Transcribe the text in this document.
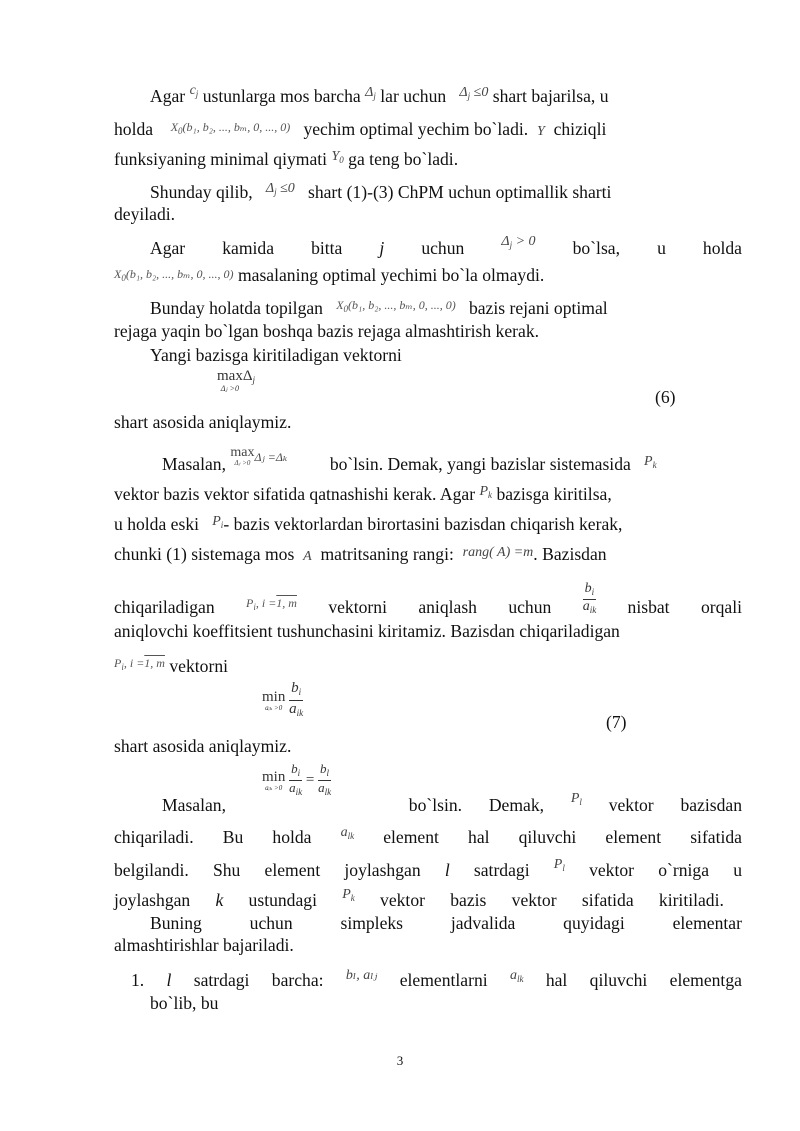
Agar $^{c_j}$ ustunlarga mos barcha $^{\Delta_j}$ lar uchun $^{\Delta_j \le 0}$ shart bajarilsa, u
holda $^{X_0(b_1, b_2, ..., b_m, 0, ..., 0)}$ yechim optimal yechim bo`ladi. Y chiziqli
funksiyaning minimal qiymati $^{Y_0}$ ga teng bo`ladi.
Shunday qilib, $^{\Delta_j \le 0}$ shart (1)-(3) ChPM uchun optimallik sharti
deyiladi.
Agar kamida bitta j uchun	$\Delta_j > 0$ bo`lsa, u holda
$X_0(b_1$, b₂, ..., bₘ, 0, ..., 0) masalaning optimal yechimi bo`la olmaydi.
Bunday holatda topilgan $^{X_0(b_1, b_2, ..., b_m, 0, ..., 0)}$ bazis rejani optimal
rejaga yaqin bo`lgan boshqa bazis rejaga almashtirish kerak.
Yangi bazisga kiritiladigan vektorni
max
Δⱼ >0
$\Delta_j$
(6)
shart asosida aniqlaymiz.
Masalan,
max
Δⱼ >0 Δⱼ =Δₖ bo`lsin. Demak, yangi bazislar sistemasida $^{P_k}$
vektor bazis vektor sifatida qatnashishi kerak. Agar $^{P_k}$ bazisga kiritilsa,
u holda eski $^{P_i}$- bazis vektorlardan birortasini bazisdan chiqarish kerak,
chunki (1) sistemaga mos A matritsaning rangi: $^{rang( A) =m}$. Bazisdan
chiqariladigan	$P_i$, i =1, m vektorni aniqlash uchun $\frac{b_i}{a_{ik}}$ nisbat orqali
aniqlovchi koeffitsient tushunchasini kiritamiz. Bazisdan chiqariladigan
$^{P_i, i =1, m}$ vektorni
min
aᵢₖ >0
$\frac{b_i}{a_{ik}}$
(7)
shart asosida aniqlaymiz.
min
aᵢₖ >0
$\frac{b_i}{a_{ik}} = \frac{b_l}{a_{lk}}$
Masalan,	bo`lsin. Demak, $P_l$ vektor bazisdan
chiqariladi. Bu holda $a_{lk}$ element hal qiluvchi element sifatida
belgilandi. Shu element joylashgan l satrdagi $P_l$ vektor o`rniga u
joylashgan k ustundagi $P_k$ vektor bazis vektor sifatida kiritiladi.
Buning	uchun	simpleks	jadvalida	quyidagi	elementar
almashtirishlar bajariladi.
1. l satrdagi barcha: bₗ, aₗⱼ elementlarni $a_{lk}$ hal qiluvchi elementga
bo`lib, bu
3
